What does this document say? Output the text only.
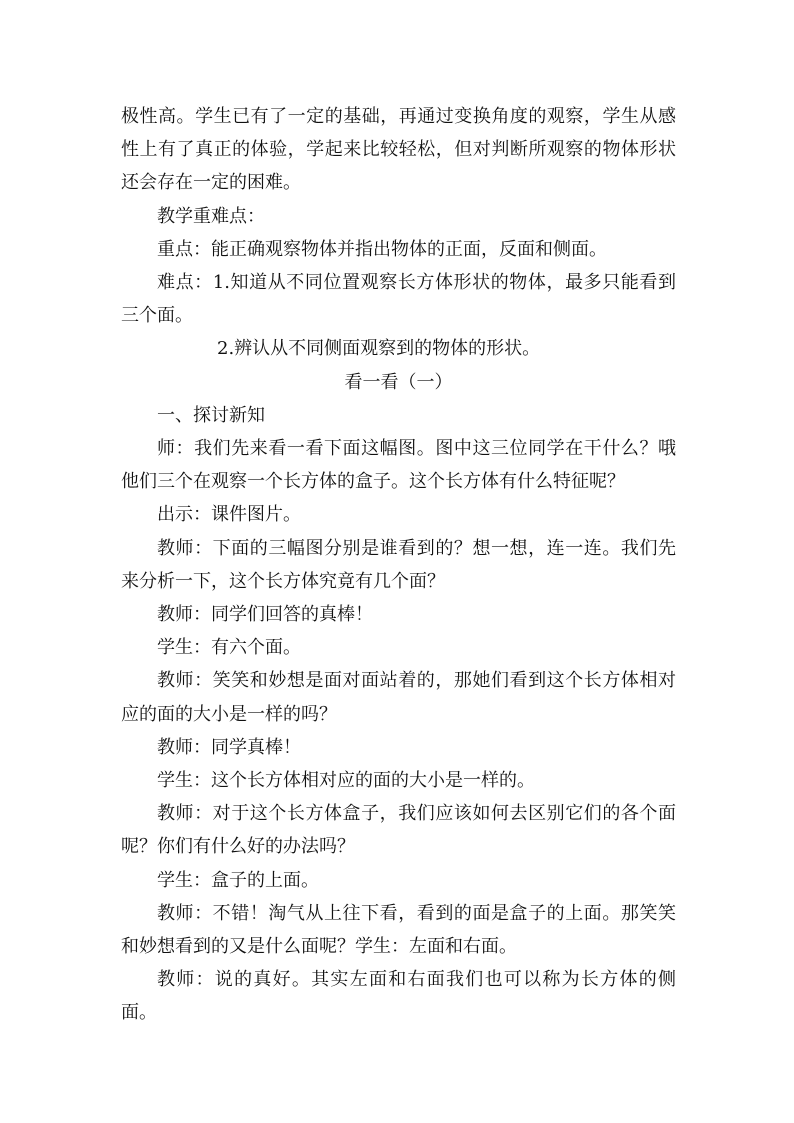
极性高。学生已有了一定的基础，再通过变换角度的观察，学生从感性上有了真正的体验，学起来比较轻松，但对判断所观察的物体形状还会存在一定的困难。

教学重难点：

重点：能正确观察物体并指出物体的正面，反面和侧面。

难点：1.知道从不同位置观察长方体形状的物体，最多只能看到三个面。

2.辨认从不同侧面观察到的物体的形状。

看一看（一）

一、探讨新知

师：我们先来看一看下面这幅图。图中这三位同学在干什么？哦他们三个在观察一个长方体的盒子。这个长方体有什么特征呢？

出示：课件图片。

教师：下面的三幅图分别是谁看到的？想一想，连一连。我们先来分析一下，这个长方体究竟有几个面？

教师：同学们回答的真棒！

学生：有六个面。

教师：笑笑和妙想是面对面站着的，那她们看到这个长方体相对应的面的大小是一样的吗？

教师：同学真棒！

学生：这个长方体相对应的面的大小是一样的。

教师：对于这个长方体盒子，我们应该如何去区别它们的各个面呢？你们有什么好的办法吗？

学生：盒子的上面。

教师：不错！淘气从上往下看，看到的面是盒子的上面。那笑笑和妙想看到的又是什么面呢？学生：左面和右面。

教师：说的真好。其实左面和右面我们也可以称为长方体的侧面。
